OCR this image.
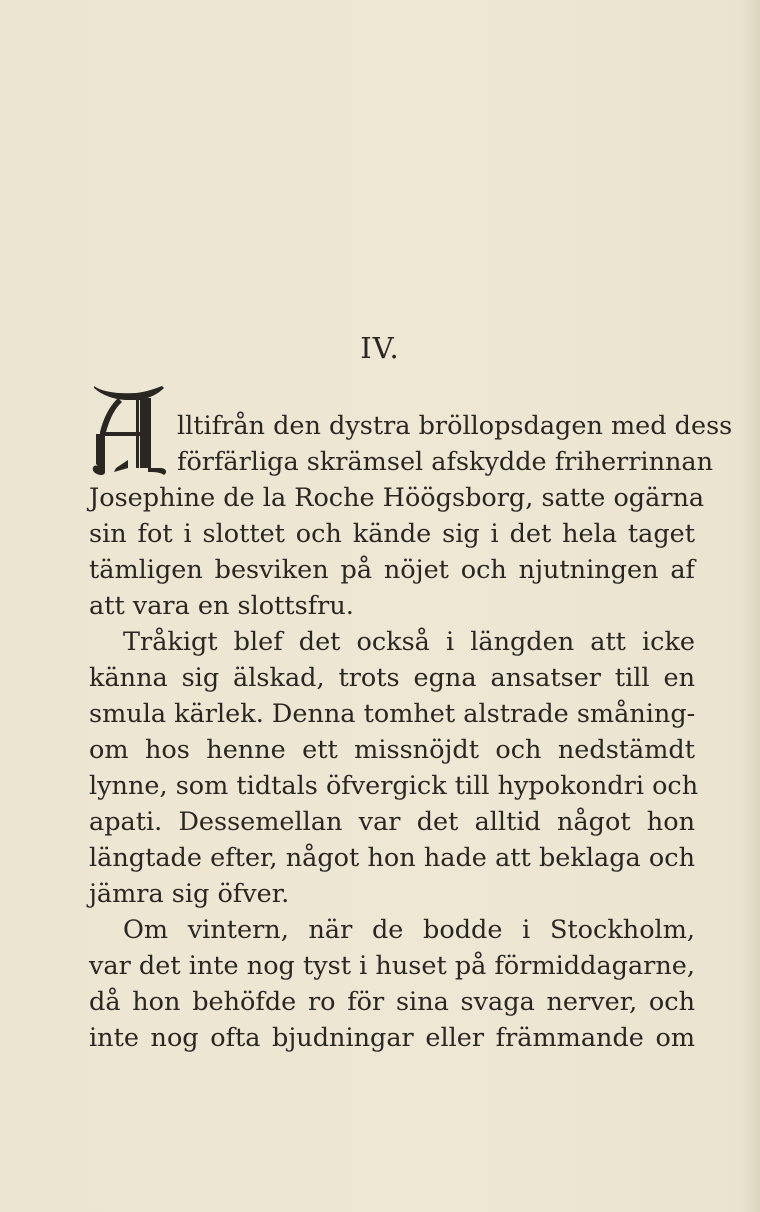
IV.
lltifrån den dystra bröllopsdagen med dess
förfärliga skrämsel afskydde friherrinnan
Josephine de la Roche Höögsborg, satte ogärna
sin fot i slottet och kände sig i det hela taget
tämligen besviken på nöjet och njutningen af
att vara en slottsfru.
Tråkigt blef det också i längden att icke
känna sig älskad, trots egna ansatser till en
smula kärlek. Denna tomhet alstrade småning-
om hos henne ett missnöjdt och nedstämdt
lynne, som tidtals öfvergick till hypokondri och
apati. Dessemellan var det alltid något hon
längtade efter, något hon hade att beklaga och
jämra sig öfver.
Om vintern, när de bodde i Stockholm,
var det inte nog tyst i huset på förmiddagarne,
då hon behöfde ro för sina svaga nerver, och
inte nog ofta bjudningar eller främmande om
